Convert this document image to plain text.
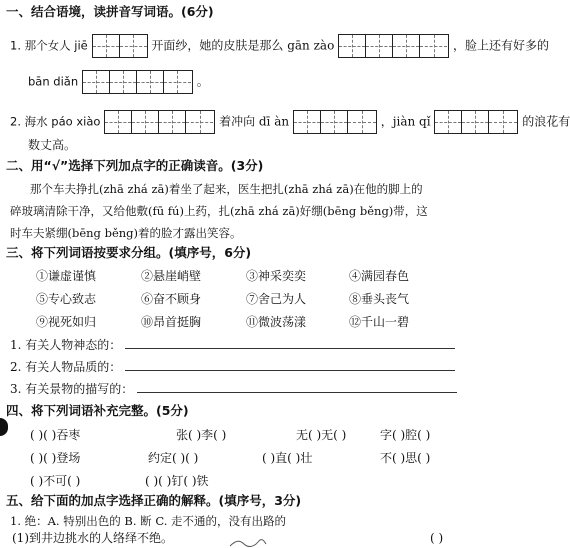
一、结合语境，读拼音写词语。(6分)
1. 那个女人 jiē	开面纱，她的皮肤是那么 gān zào	，脸上还有好多的
bān diǎn	。
2. 海水 páo xiào	着冲向 dī àn	，jiàn qǐ	的浪花有
数丈高。
二、用“√”选择下列加点字的正确读音。(3分)
那个车夫挣扎(zhā zhá zā)着坐了起来，医生把扎(zhā zhá zā)在他的脚上的
碎玻璃清除干净，又给他敷(fū fú)上药，扎(zhā zhá zā)好绷(bēng běng)带，这
时车夫紧绷(bēng běng)着的脸才露出笑容。
三、将下列词语按要求分组。(填序号，6分)
①谦虚谨慎	②悬崖峭壁	③神采奕奕	④满园春色
⑤专心致志	⑥奋不顾身	⑦舍己为人	⑧垂头丧气
⑨视死如归	⑩昂首挺胸	⑪微波荡漾	⑫千山一碧
1. 有关人物神态的：
2. 有关人物品质的：
3. 有关景物的描写的：
四、将下列词语补充完整。(5分)
( )( )吞枣	张( )李( )	无( )无( )	字( )腔( )
( )( )登场	约定( )( )	( )直( )壮	不( )思( )
( )不可( )	( )( )钉( )铁
五、给下面的加点字选择正确的解释。(填序号，3分)
1. 绝：A. 特别出色的 B. 断 C. 走不通的，没有出路的
(1)到井边挑水的人络绎不绝。	( )
